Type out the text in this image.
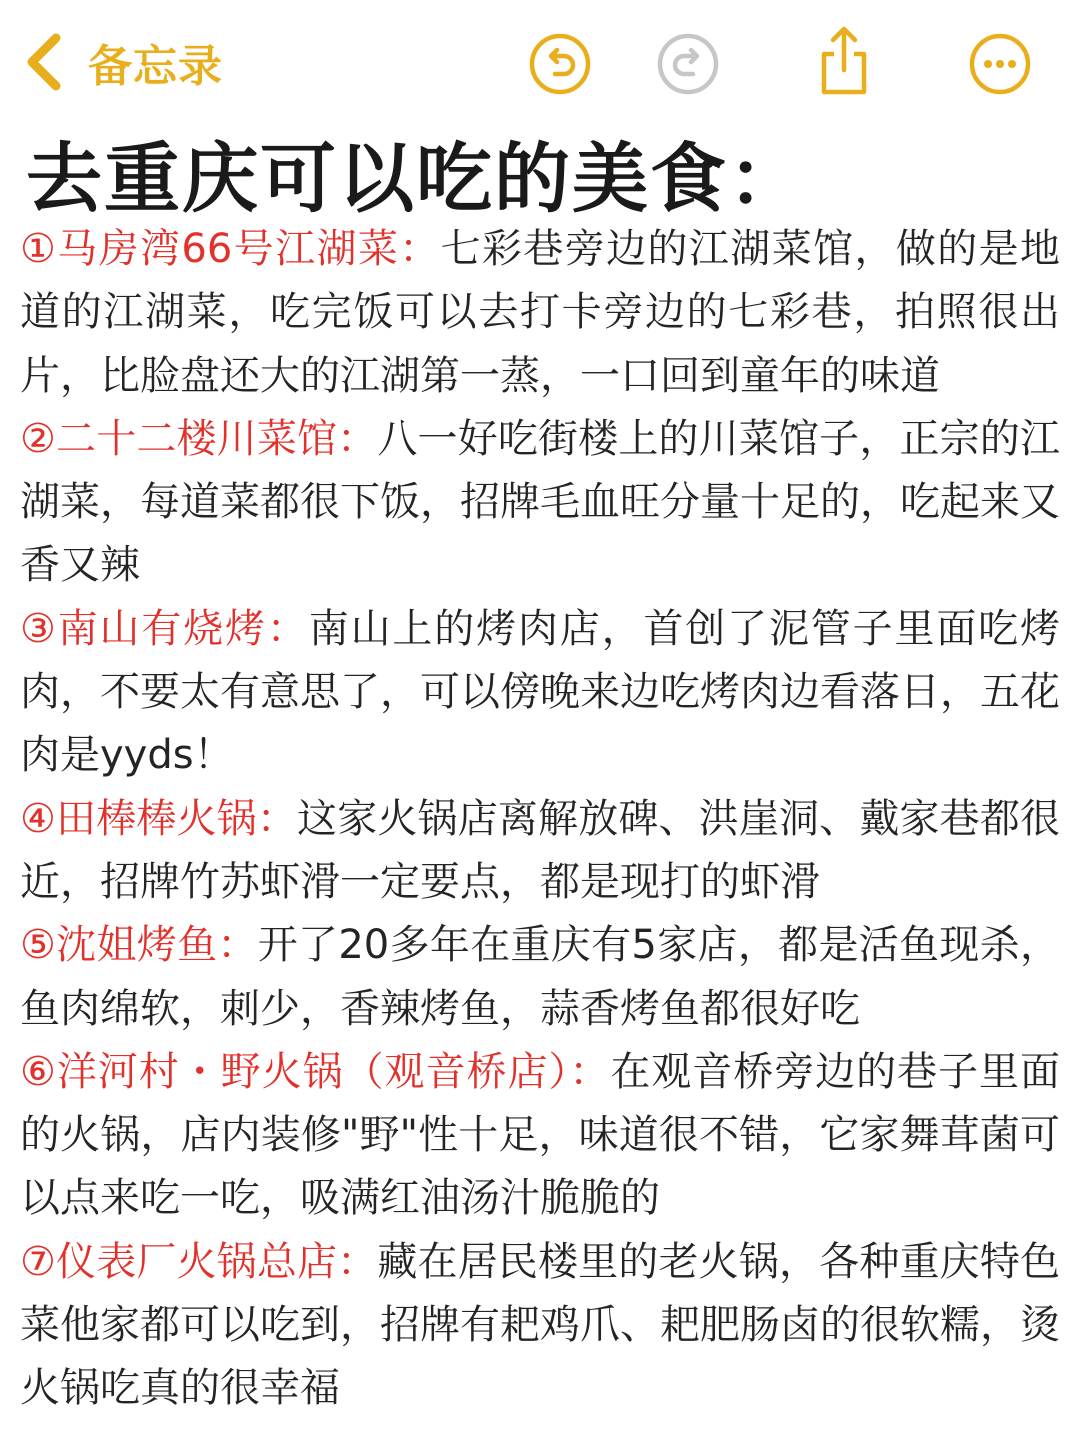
备忘录
去重庆可以吃的美食：

①马房湾66号江湖菜：七彩巷旁边的江湖菜馆，做的是地道的江湖菜，吃完饭可以去打卡旁边的七彩巷，拍照很出片，比脸盘还大的江湖第一蒸，一口回到童年的味道

②二十二楼川菜馆：八一好吃街楼上的川菜馆子，正宗的江湖菜，每道菜都很下饭，招牌毛血旺分量十足的，吃起来又香又辣

③南山有烧烤：南山上的烤肉店，首创了泥管子里面吃烤肉，不要太有意思了，可以傍晚来边吃烤肉边看落日，五花肉是yyds！

④田棒棒火锅：这家火锅店离解放碑、洪崖洞、戴家巷都很近，招牌竹苏虾滑一定要点，都是现打的虾滑

⑤沈姐烤鱼：开了20多年在重庆有5家店，都是活鱼现杀，鱼肉绵软，刺少，香辣烤鱼，蒜香烤鱼都很好吃

⑥洋河村・野火锅（观音桥店）：在观音桥旁边的巷子里面的火锅，店内装修"野"性十足，味道很不错，它家舞茸菌可以点来吃一吃，吸满红油汤汁脆脆的

⑦仪表厂火锅总店：藏在居民楼里的老火锅，各种重庆特色菜他家都可以吃到，招牌有耙鸡爪、耙肥肠卤的很软糯，烫火锅吃真的很幸福
